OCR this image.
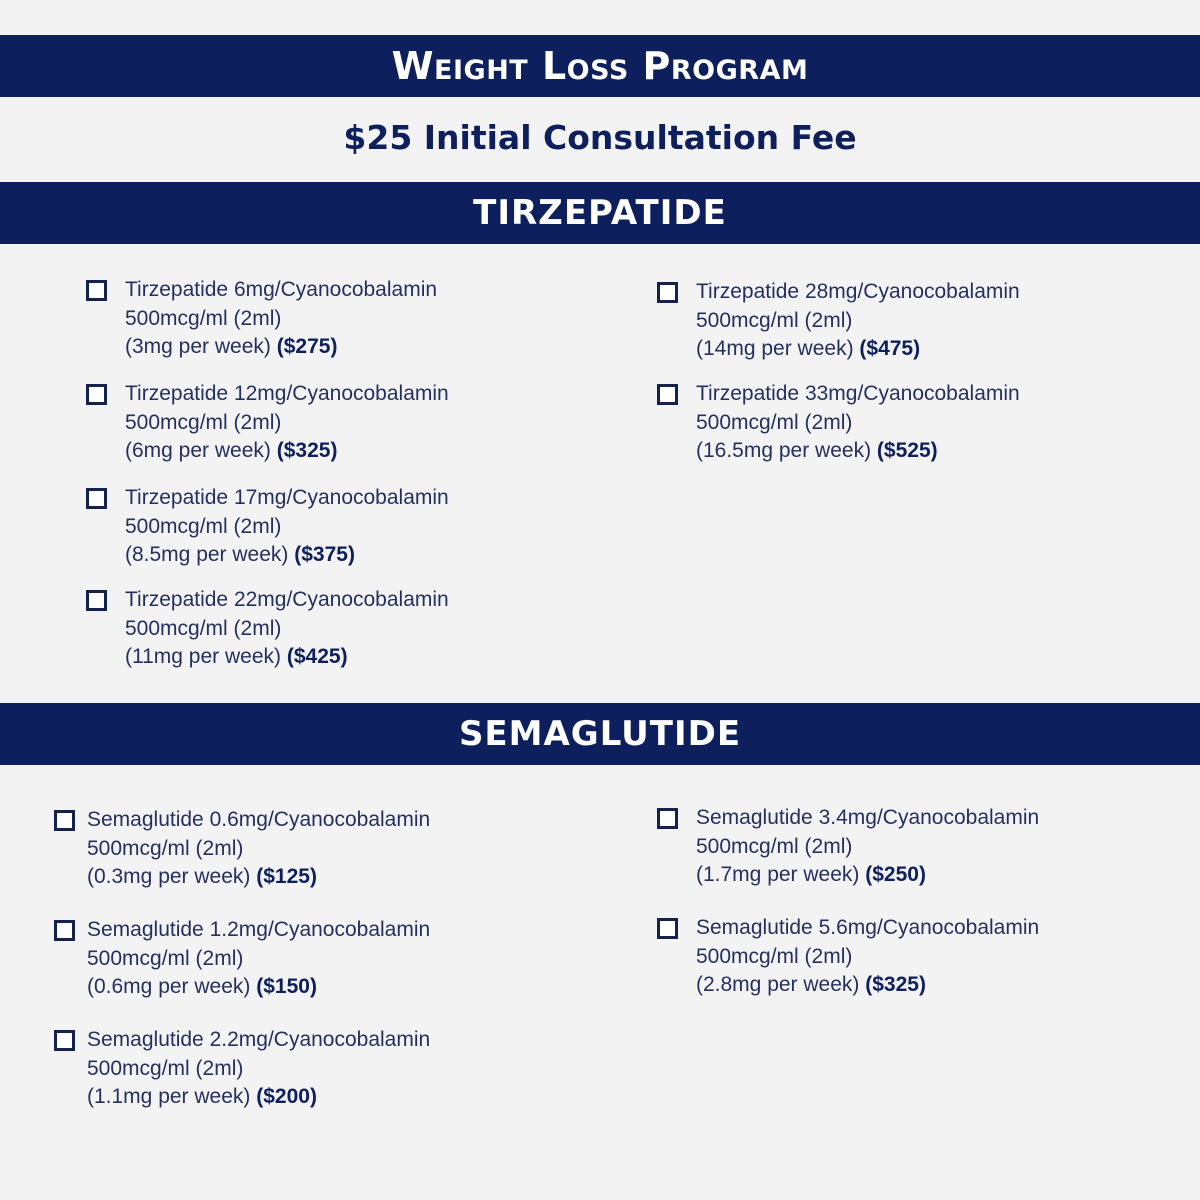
Weight Loss Program
$25 Initial Consultation Fee
TIRZEPATIDE
Tirzepatide 6mg/Cyanocobalamin
500mcg/ml (2ml)
(3mg per week) ($275)
Tirzepatide 12mg/Cyanocobalamin
500mcg/ml (2ml)
(6mg per week) ($325)
Tirzepatide 17mg/Cyanocobalamin
500mcg/ml (2ml)
(8.5mg per week) ($375)
Tirzepatide 22mg/Cyanocobalamin
500mcg/ml (2ml)
(11mg per week) ($425)
Tirzepatide 28mg/Cyanocobalamin
500mcg/ml (2ml)
(14mg per week) ($475)
Tirzepatide 33mg/Cyanocobalamin
500mcg/ml (2ml)
(16.5mg per week) ($525)
SEMAGLUTIDE
Semaglutide 0.6mg/Cyanocobalamin
500mcg/ml (2ml)
(0.3mg per week) ($125)
Semaglutide 1.2mg/Cyanocobalamin
500mcg/ml (2ml)
(0.6mg per week) ($150)
Semaglutide 2.2mg/Cyanocobalamin
500mcg/ml (2ml)
(1.1mg per week) ($200)
Semaglutide 3.4mg/Cyanocobalamin
500mcg/ml (2ml)
(1.7mg per week) ($250)
Semaglutide 5.6mg/Cyanocobalamin
500mcg/ml (2ml)
(2.8mg per week) ($325)
